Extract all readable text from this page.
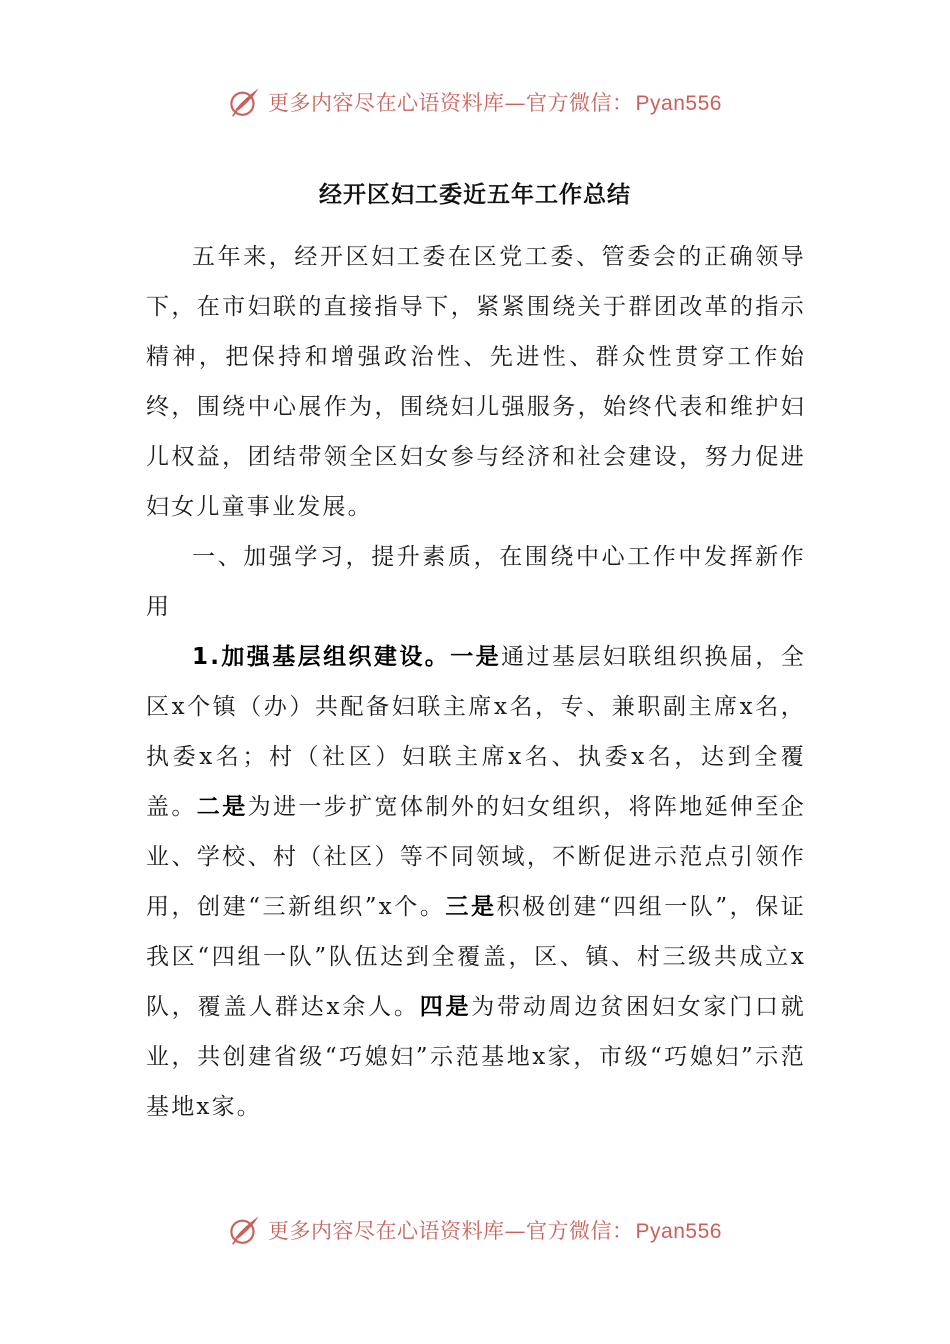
更多内容尽在心语资料库—官方微信：Pyan556
经开区妇工委近五年工作总结

五年来，经开区妇工委在区党工委、管委会的正确领导下，在市妇联的直接指导下，紧紧围绕关于群团改革的指示精神，把保持和增强政治性、先进性、群众性贯穿工作始终，围绕中心展作为，围绕妇儿强服务，始终代表和维护妇儿权益，团结带领全区妇女参与经济和社会建设，努力促进妇女儿童事业发展。

一、加强学习，提升素质，在围绕中心工作中发挥新作用

1.加强基层组织建设。一是通过基层妇联组织换届，全区x个镇（办）共配备妇联主席x名，专、兼职副主席x名，执委x名；村（社区）妇联主席x名、执委x名，达到全覆盖。二是为进一步扩宽体制外的妇女组织，将阵地延伸至企业、学校、村（社区）等不同领域，不断促进示范点引领作用，创建“三新组织”x个。三是积极创建“四组一队”，保证我区“四组一队”队伍达到全覆盖，区、镇、村三级共成立x队，覆盖人群达x余人。四是为带动周边贫困妇女家门口就业，共创建省级“巧媳妇”示范基地x家，市级“巧媳妇”示范基地x家。

更多内容尽在心语资料库—官方微信：Pyan556
